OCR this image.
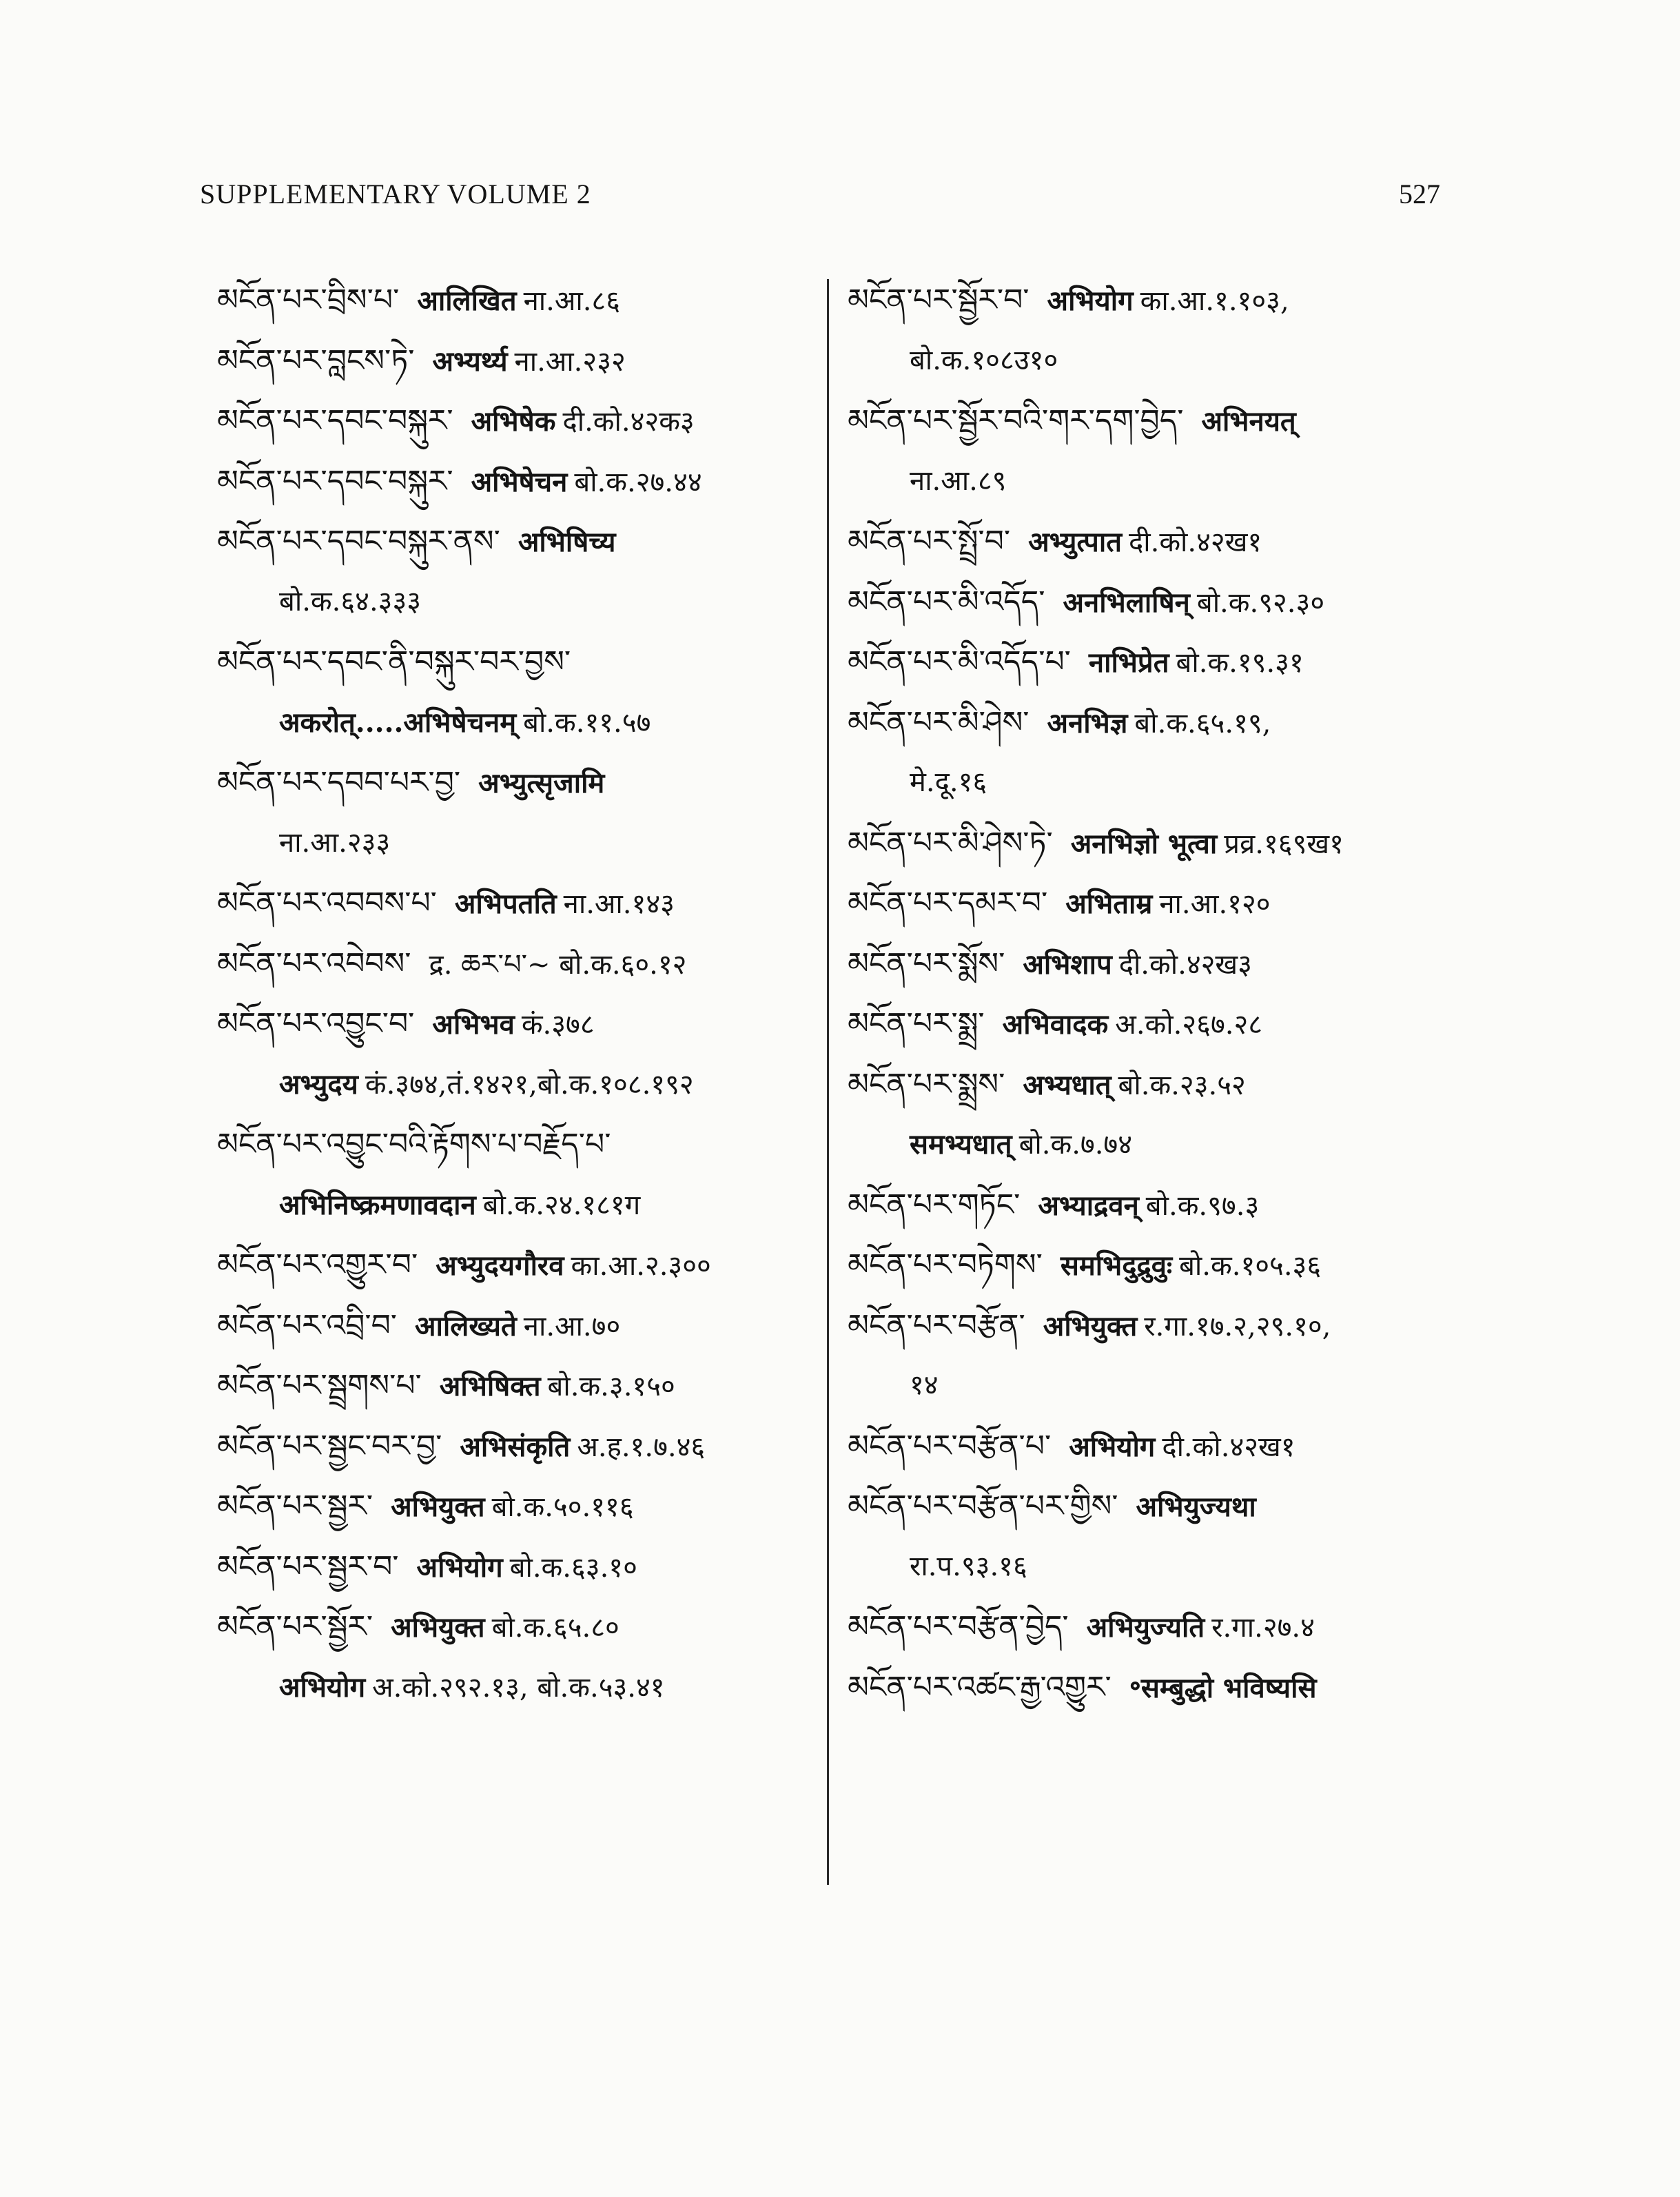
SUPPLEMENTARY VOLUME 2	527
མངོན་པར་བྲིས་པ་ आलिखित ना.आ.८६
མངོན་པར་བླངས་ཏེ་ अभ्यर्थ्य ना.आ.२३२
མངོན་པར་དབང་བསྐུར་ अभिषेक दी.को.४२क३
མངོན་པར་དབང་བསྐུར་ अभिषेचन बो.क.२७.४४
མངོན་པར་དབང་བསྐུར་ནས་ अभिषिच्य
बो.क.६४.३३३
མངོན་པར་དབང་ནི་བསྐུར་བར་བྱས་
अकरोत्.....अभिषेचनम् बो.क.११.५७
མངོན་པར་དབབ་པར་བྱ་ अभ्युत्सृजामि
ना.आ.२३३
མངོན་པར་འབབས་པ་ अभिपतति ना.आ.१४३
མངོན་པར་འབེབས་ द्र. ཆར་པ་~ बो.क.६०.१२
མངོན་པར་འབྱུང་བ་ अभिभव कं.३७८
अभ्युदय कं.३७४,तं.१४२१,बो.क.१०८.१९२
མངོན་པར་འབྱུང་བའི་རྟོགས་པ་བརྗོད་པ་
अभिनिष्क्रमणावदान बो.क.२४.१८१ग
མངོན་པར་འགྱུར་བ་ अभ्युदयगौरव का.आ.२.३००
མངོན་པར་འབྲི་བ་ आलिख्यते ना.आ.७०
མངོན་པར་སྦྲགས་པ་ अभिषिक्त बो.क.३.१५०
མངོན་པར་སྦྱང་བར་བྱ་ अभिसंकृति अ.ह.१.७.४६
མངོན་པར་སྦྱར་ अभियुक्त बो.क.५०.११६
མངོན་པར་སྦྱར་བ་ अभियोग बो.क.६३.१०
མངོན་པར་སྦྱོར་ अभियुक्त बो.क.६५.८०
अभियोग अ.को.२९२.१३, बो.क.५३.४१
མངོན་པར་སྦྱོར་བ་ अभियोग का.आ.१.१०३,
बो.क.१०८उ१०
མངོན་པར་སྦྱོར་བའི་གར་དག་བྱེད་ अभिनयत्
ना.आ.८९
མངོན་པར་སྤྲོ་བ་ अभ्युत्पात दी.को.४२ख१
མངོན་པར་མི་འདོད་ अनभिलाषिन् बो.क.९२.३०
མངོན་པར་མི་འདོད་པ་ नाभिप्रेत बो.क.१९.३१
མངོན་པར་མི་ཤེས་ अनभिज्ञ बो.क.६५.१९,
मे.दू.१६
མངོན་པར་མི་ཤེས་ཏེ་ अनभिज्ञो भूत्वा प्रव्र.१६९ख१
མངོན་པར་དམར་བ་ अभिताम्र ना.आ.१२०
མངོན་པར་སྨོས་ अभिशाप दी.को.४२ख३
མངོན་པར་སྨྲ་ अभिवादक अ.को.२६७.२८
མངོན་པར་སྨྲས་ अभ्यधात् बो.क.२३.५२
समभ्यधात् बो.क.७.७४
མངོན་པར་གཏོང་ अभ्याद्रवन् बो.क.९७.३
མངོན་པར་བཏེགས་ समभिदुद्रुवुः बो.क.१०५.३६
མངོན་པར་བརྩོན་ अभियुक्त र.गा.१७.२,२९.१०,
१४
མངོན་པར་བརྩོན་པ་ अभियोग दी.को.४२ख१
མངོན་པར་བརྩོན་པར་གྱིས་ अभियुज्यथा
रा.प.९३.१६
མངོན་པར་བརྩོན་བྱེད་ अभियुज्यति र.गा.२७.४
མངོན་པར་འཚང་རྒྱ་འགྱུར་ ॰सम्बुद्धो भविष्यसि
